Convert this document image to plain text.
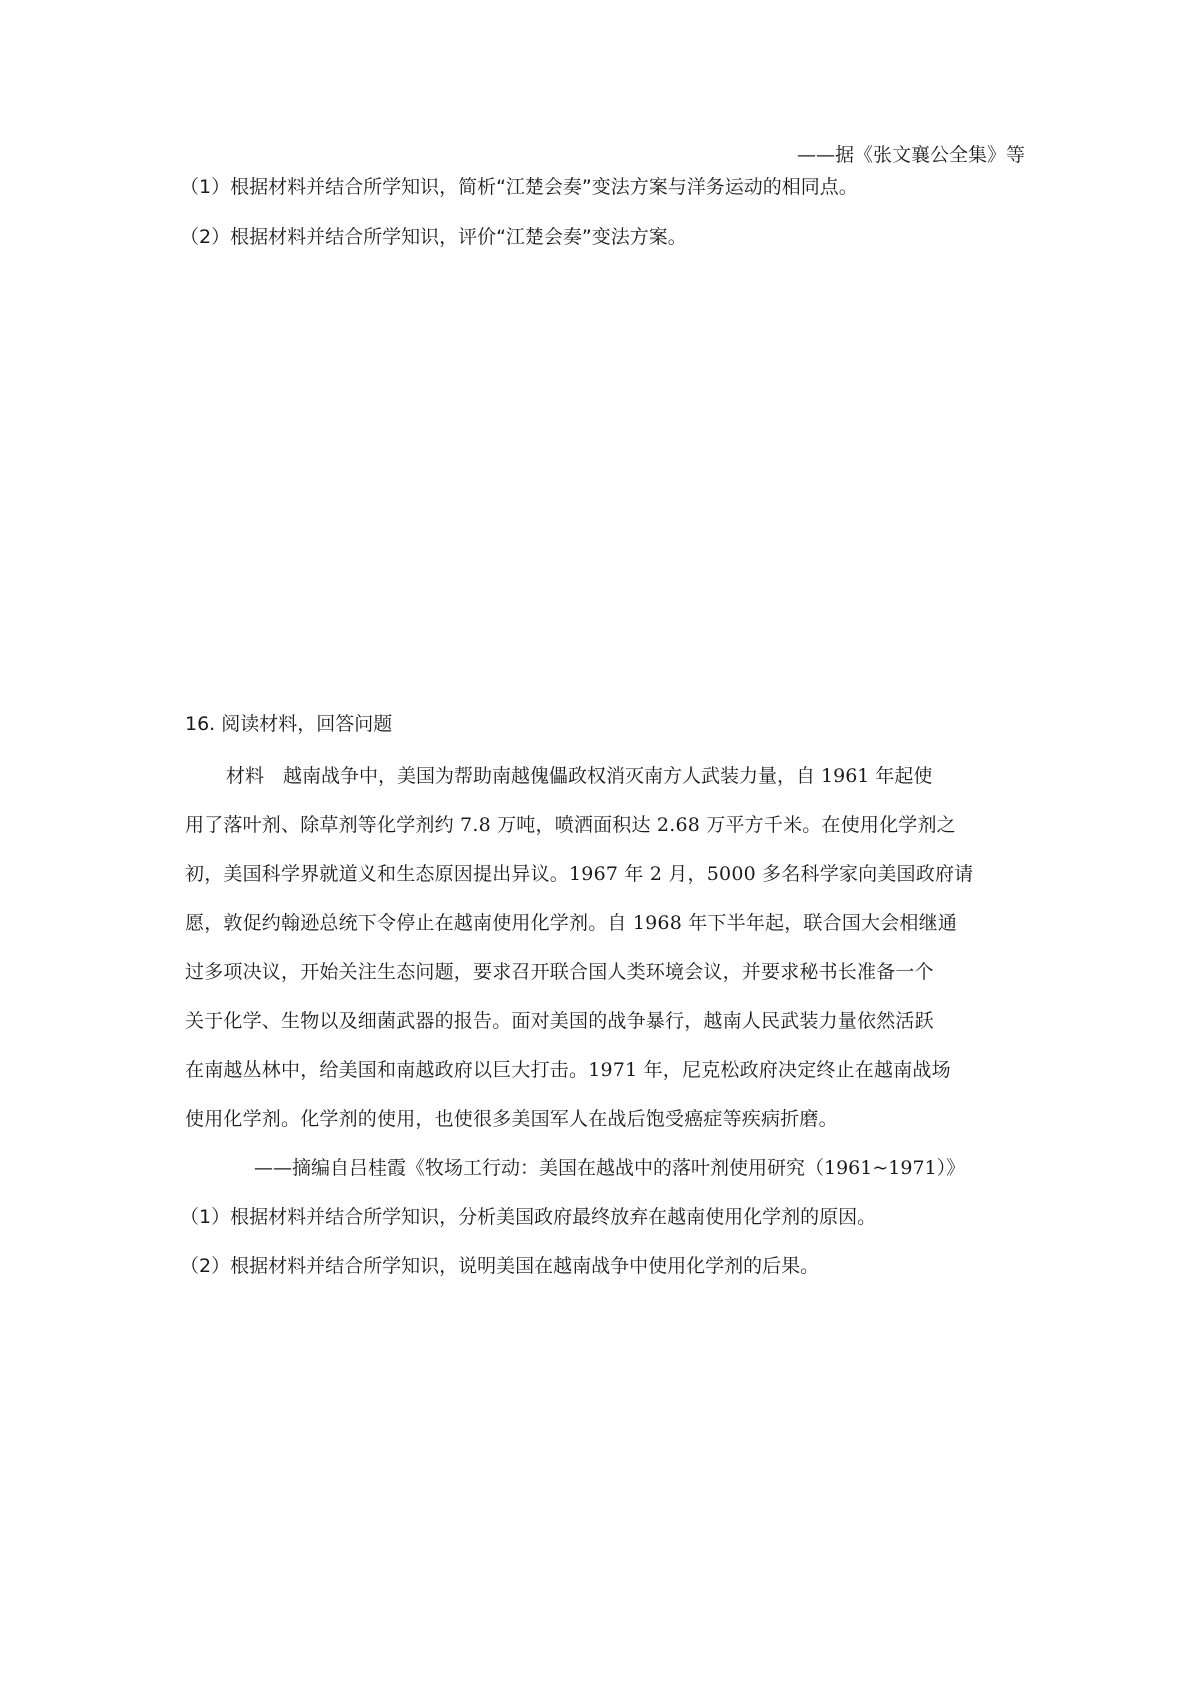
——据《张文襄公全集》等
（1）根据材料并结合所学知识，简析“江楚会奏”变法方案与洋务运动的相同点。
（2）根据材料并结合所学知识，评价“江楚会奏”变法方案。
16. 阅读材料，回答问题
材料　越南战争中，美国为帮助南越傀儡政权消灭南方人武装力量，自 1961 年起使
用了落叶剂、除草剂等化学剂约 7.8 万吨，喷洒面积达 2.68 万平方千米。在使用化学剂之
初，美国科学界就道义和生态原因提出异议。1967 年 2 月，5000 多名科学家向美国政府请
愿，敦促约翰逊总统下令停止在越南使用化学剂。自 1968 年下半年起，联合国大会相继通
过多项决议，开始关注生态问题，要求召开联合国人类环境会议，并要求秘书长准备一个
关于化学、生物以及细菌武器的报告。面对美国的战争暴行，越南人民武装力量依然活跃
在南越丛林中，给美国和南越政府以巨大打击。1971 年，尼克松政府决定终止在越南战场
使用化学剂。化学剂的使用，也使很多美国军人在战后饱受癌症等疾病折磨。
——摘编自吕桂霞《牧场工行动：美国在越战中的落叶剂使用研究（1961~1971）》
（1）根据材料并结合所学知识，分析美国政府最终放弃在越南使用化学剂的原因。
（2）根据材料并结合所学知识，说明美国在越南战争中使用化学剂的后果。
